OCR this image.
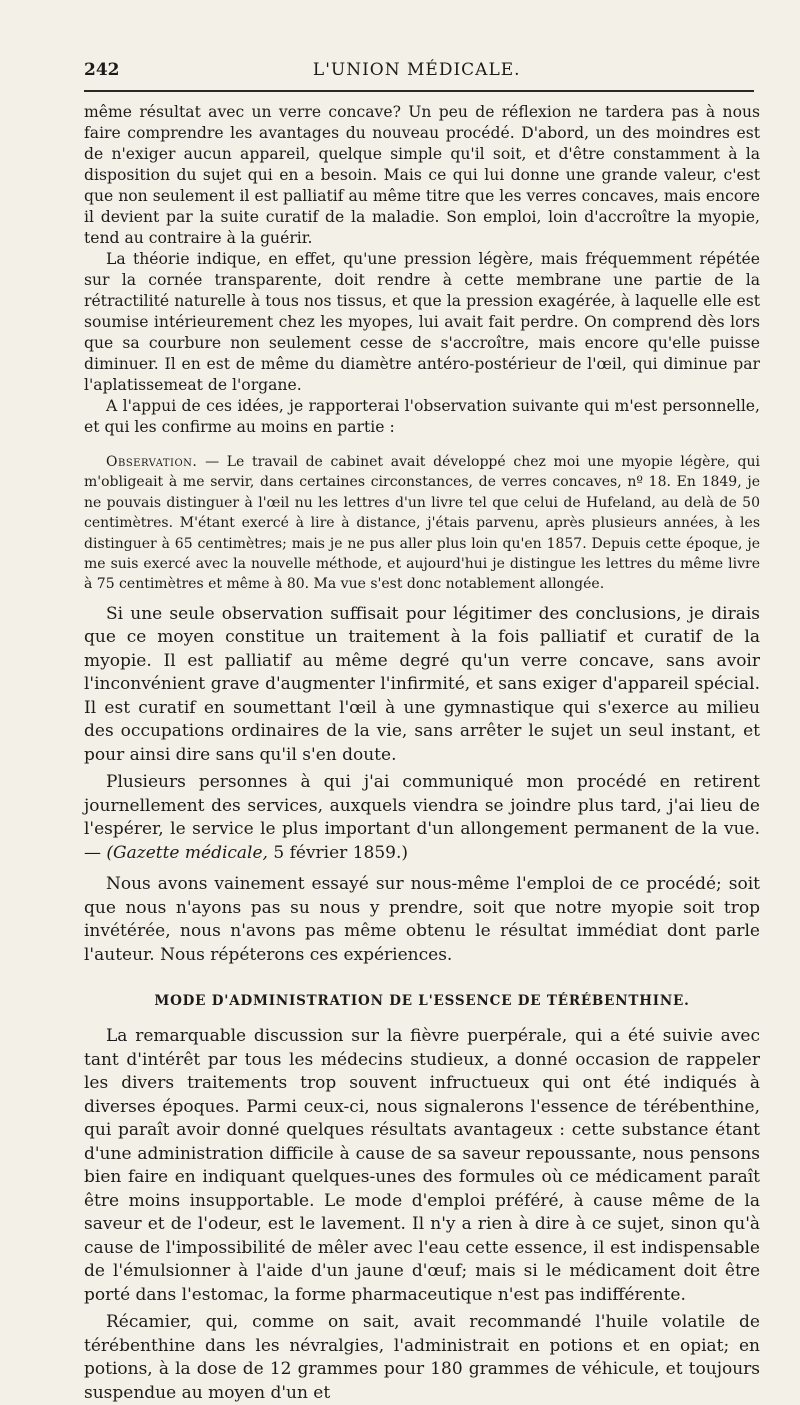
242	L'UNION MÉDICALE.

même résultat avec un verre concave? Un peu de réflexion ne tardera pas à nous faire comprendre les avantages du nouveau procédé. D'abord, un des moindres est de n'exiger aucun appareil, quelque simple qu'il soit, et d'être constamment à la disposition du sujet qui en a besoin. Mais ce qui lui donne une grande valeur, c'est que non seulement il est palliatif au même titre que les verres concaves, mais encore il devient par la suite curatif de la maladie. Son emploi, loin d'accroître la myopie, tend au contraire à la guérir.

La théorie indique, en effet, qu'une pression légère, mais fréquemment répétée sur la cornée transparente, doit rendre à cette membrane une partie de la rétractilité naturelle à tous nos tissus, et que la pression exagérée, à laquelle elle est soumise intérieurement chez les myopes, lui avait fait perdre. On comprend dès lors que sa courbure non seulement cesse de s'accroître, mais encore qu'elle puisse diminuer. Il en est de même du diamètre antéro-postérieur de l'œil, qui diminue par l'aplatissemeat de l'organe.

A l'appui de ces idées, je rapporterai l'observation suivante qui m'est personnelle, et qui les confirme au moins en partie :

Observation. — Le travail de cabinet avait développé chez moi une myopie légère, qui m'obligeait à me servir, dans certaines circonstances, de verres concaves, nº 18. En 1849, je ne pouvais distinguer à l'œil nu les lettres d'un livre tel que celui de Hufeland, au delà de 50 centimètres. M'étant exercé à lire à distance, j'étais parvenu, après plusieurs années, à les distinguer à 65 centimètres; mais je ne pus aller plus loin qu'en 1857. Depuis cette époque, je me suis exercé avec la nouvelle méthode, et aujourd'hui je distingue les lettres du même livre à 75 centimètres et même à 80. Ma vue s'est donc notablement allongée.

Si une seule observation suffisait pour légitimer des conclusions, je dirais que ce moyen constitue un traitement à la fois palliatif et curatif de la myopie. Il est palliatif au même degré qu'un verre concave, sans avoir l'inconvénient grave d'augmenter l'infirmité, et sans exiger d'appareil spécial. Il est curatif en soumettant l'œil à une gymnastique qui s'exerce au milieu des occupations ordinaires de la vie, sans arrêter le sujet un seul instant, et pour ainsi dire sans qu'il s'en doute.

Plusieurs personnes à qui j'ai communiqué mon procédé en retirent journellement des services, auxquels viendra se joindre plus tard, j'ai lieu de l'espérer, le service le plus important d'un allongement permanent de la vue. — (Gazette médicale, 5 février 1859.)

Nous avons vainement essayé sur nous-même l'emploi de ce procédé; soit que nous n'ayons pas su nous y prendre, soit que notre myopie soit trop invétérée, nous n'avons pas même obtenu le résultat immédiat dont parle l'auteur. Nous répéterons ces expériences.

MODE D'ADMINISTRATION DE L'ESSENCE DE TÉRÉBENTHINE.

La remarquable discussion sur la fièvre puerpérale, qui a été suivie avec tant d'intérêt par tous les médecins studieux, a donné occasion de rappeler les divers traitements trop souvent infructueux qui ont été indiqués à diverses époques. Parmi ceux-ci, nous signalerons l'essence de térébenthine, qui paraît avoir donné quelques résultats avantageux : cette substance étant d'une administration difficile à cause de sa saveur repoussante, nous pensons bien faire en indiquant quelques-unes des formules où ce médicament paraît être moins insupportable. Le mode d'emploi préféré, à cause même de la saveur et de l'odeur, est le lavement. Il n'y a rien à dire à ce sujet, sinon qu'à cause de l'impossibilité de mêler avec l'eau cette essence, il est indispensable de l'émulsionner à l'aide d'un jaune d'œuf; mais si le médicament doit être porté dans l'estomac, la forme pharmaceutique n'est pas indifférente.

Récamier, qui, comme on sait, avait recommandé l'huile volatile de térébenthine dans les névralgies, l'administrait en potions et en opiat; en potions, à la dose de 12 grammes pour 180 grammes de véhicule, et toujours suspendue au moyen d'un et
